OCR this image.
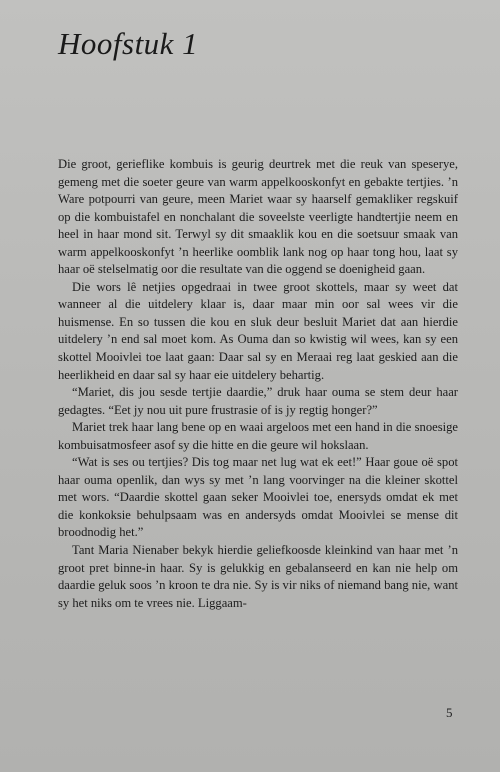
Hoofstuk 1

Die groot, gerieflike kombuis is geurig deurtrek met die reuk van speserye, gemeng met die soeter geure van warm appelkooskonfyt en gebakte tertjies. ’n Ware potpourri van geure, meen Mariet waar sy haarself gemakliker regskuif op die kombuistafel en nonchalant die soveelste veerligte handtertjie neem en heel in haar mond sit. Terwyl sy dit smaaklik kou en die soetsuur smaak van warm appelkooskonfyt ’n heerlike oomblik lank nog op haar tong hou, laat sy haar oë stelselmatig oor die resultate van die oggend se doenigheid gaan.

Die wors lê netjies opgedraai in twee groot skottels, maar sy weet dat wanneer al die uitdelery klaar is, daar maar min oor sal wees vir die huismense. En so tussen die kou en sluk deur besluit Mariet dat aan hierdie uitdelery ’n end sal moet kom. As Ouma dan so kwistig wil wees, kan sy een skottel Mooivlei toe laat gaan: Daar sal sy en Meraai reg laat geskied aan die heerlikheid en daar sal sy haar eie uitdelery behartig.

“Mariet, dis jou sesde tertjie daardie,” druk haar ouma se stem deur haar gedagtes. “Eet jy nou uit pure frustrasie of is jy regtig honger?”

Mariet trek haar lang bene op en waai argeloos met een hand in die snoesige kombuisatmosfeer asof sy die hitte en die geure wil hokslaan.

“Wat is ses ou tertjies? Dis tog maar net lug wat ek eet!” Haar goue oë spot haar ouma openlik, dan wys sy met ’n lang voorvinger na die kleiner skottel met wors. “Daardie skottel gaan seker Mooivlei toe, enersyds omdat ek met die konkoksie behulpsaam was en andersyds omdat Mooivlei se mense dit broodnodig het.”

Tant Maria Nienaber bekyk hierdie geliefkoosde kleinkind van haar met ’n groot pret binne-in haar. Sy is gelukkig en gebalanseerd en kan nie help om daardie geluk soos ’n kroon te dra nie. Sy is vir niks of niemand bang nie, want sy het niks om te vrees nie. Liggaam-

5
